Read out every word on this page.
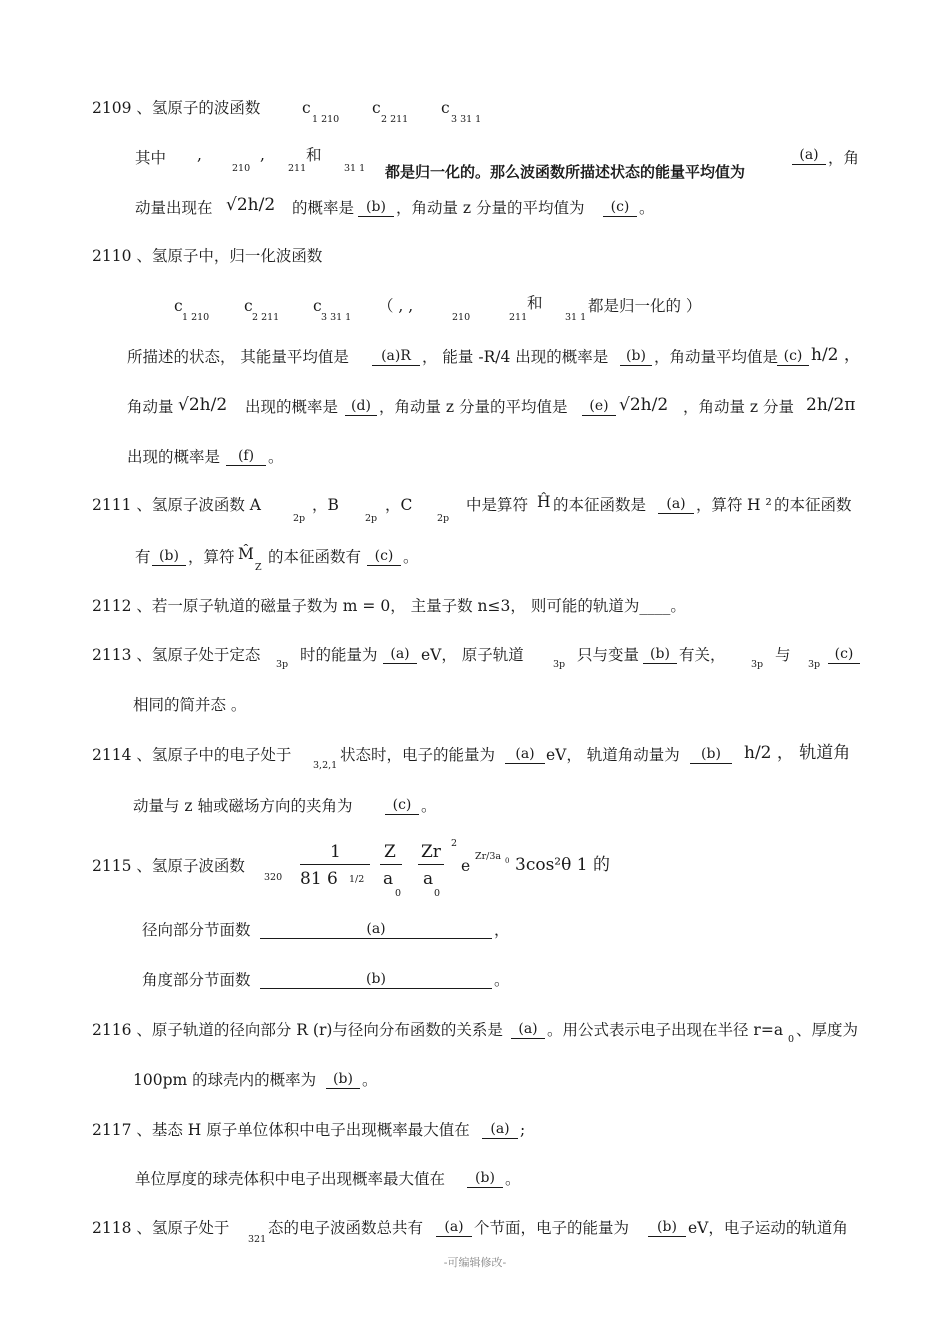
2109 、氢原子的波函数	c
1 210
c
2 211
c
3 31 1
其中 ,	,	和
210	211	31 1 都是归一化的。那么波函数所描述状态的能量平均值为
(a) ，角
动量出现在 √2h/2 的概率是 (b) ，角动量 z 分量的平均值为	(c) 。
2110 、氢原子中，归一化波函数
c
1 210
c
2 211
c
3 31 1
（ , ,	和
210	211	31 1
都是归一化的 ）
所描述的状态， 其能量平均值是	(a)R ， 能量 -R/4 出现的概率是	(b) ，角动量平均值是 (c) h/2 ，
角动量 √2h/2 出现的概率是 (d) ，角动量 z 分量的平均值是	(e) √2h/2 ，角动量 z 分量 2h/2π
出现的概率是	(f) 。
2111 、氢原子波函数 A
2p
，B
2p
，C
2p
中是算符 Ĥ 的本征函数是	(a) ，算符 H ² 的本征函数
有 (b) ，算符 M̂
Z
的本征函数有 (c) 。
2112 、若一原子轨道的磁量子数为 m = 0， 主量子数 n≤3， 则可能的轨道为____。
2113 、氢原子处于定态
3p
时的能量为 (a) eV， 原子轨道
3p
只与变量 (b) 有关，
3p
与
3p
(c)
相同的简并态 。
2114 、氢原子中的电子处于
3,2,1
状态时，电子的能量为	(a) eV， 轨道角动量为	(b)	h/2 ， 轨道角
动量与 z 轴或磁场方向的夹角为	(c) 。
2115 、氢原子波函数
320
1
81 6 1/2
Z
a
0
Zr 2
a
0
e
Zr/3a 0 3cos²θ 1 的
径向部分节面数	(a)	，
角度部分节面数	(b)	。
2116 、原子轨道的径向部分 R (r)与径向分布函数的关系是	(a) 。用公式表示电子出现在半径 r=a
0
、厚度为
100pm 的球壳内的概率为	(b) 。
2117 、基态 H 原子单位体积中电子出现概率最大值在	(a) ;
单位厚度的球壳体积中电子出现概率最大值在	(b) 。
2118 、氢原子处于
321
态的电子波函数总共有	(a) 个节面，电子的能量为	(b) eV，电子运动的轨道角
-可编辑修改-
